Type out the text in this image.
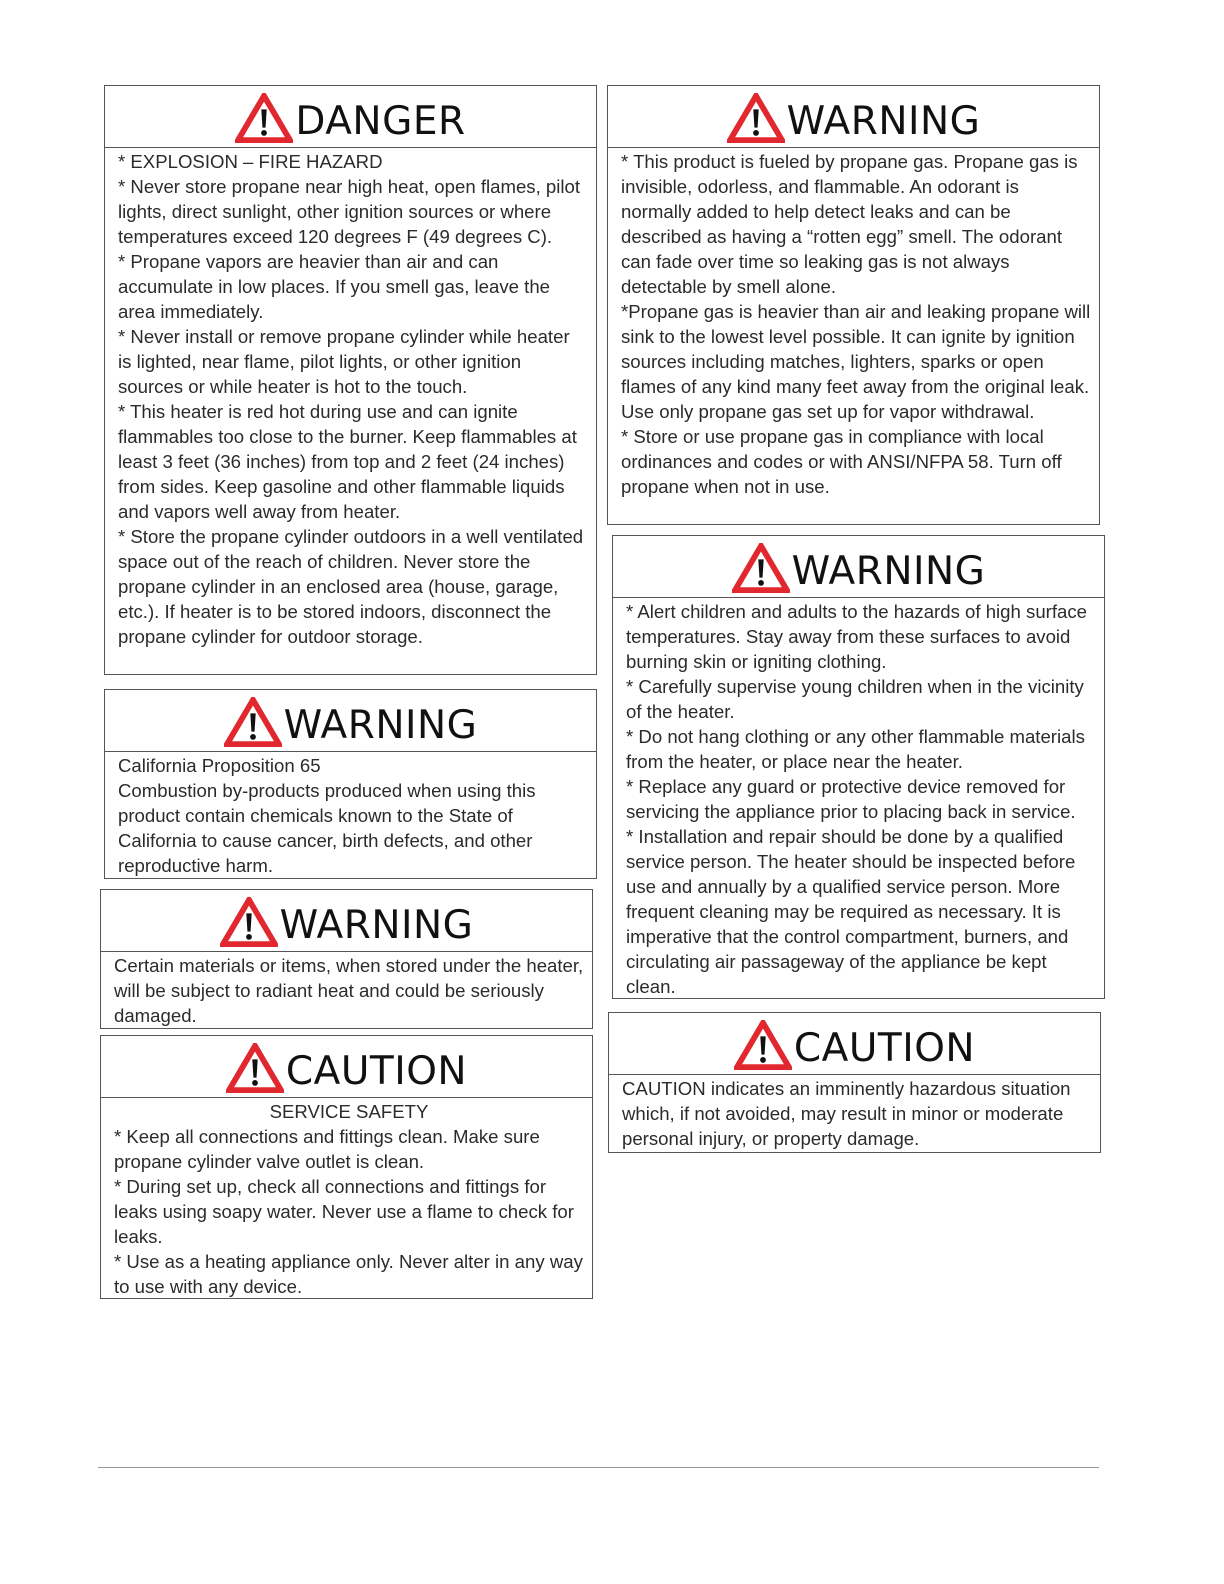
DANGER

* EXPLOSION – FIRE HAZARD

* Never store propane near high heat, open flames, pilot lights, direct sunlight, other ignition sources or where temperatures exceed 120 degrees F (49 degrees C).

* Propane vapors are heavier than air and can accumulate in low places. If you smell gas, leave the area immediately.

* Never install or remove propane cylinder while heater is lighted, near flame, pilot lights, or other ignition sources or while heater is hot to the touch.

* This heater is red hot during use and can ignite flammables too close to the burner. Keep flammables at least 3 feet (36 inches) from top and 2 feet (24 inches) from sides. Keep gasoline and other flammable liquids and vapors well away from heater.

* Store the propane cylinder outdoors in a well ventilated space out of the reach of children. Never store the propane cylinder in an enclosed area (house, garage, etc.). If heater is to be stored indoors, disconnect the propane cylinder for outdoor storage.

WARNING

California Proposition 65

Combustion by-products produced when using this product contain chemicals known to the State of California to cause cancer, birth defects, and other reproductive harm.

WARNING

Certain materials or items, when stored under the heater, will be subject to radiant heat and could be seriously damaged.

CAUTION

SERVICE SAFETY

* Keep all connections and fittings clean. Make sure propane cylinder valve outlet is clean.

* During set up, check all connections and fittings for leaks using soapy water. Never use a flame to check for leaks.

* Use as a heating appliance only. Never alter in any way to use with any device.

WARNING

* This product is fueled by propane gas. Propane gas is invisible, odorless, and flammable. An odorant is normally added to help detect leaks and can be described as having a “rotten egg” smell. The odorant can fade over time so leaking gas is not always detectable by smell alone.

*Propane gas is heavier than air and leaking propane will sink to the lowest level possible. It can ignite by ignition sources including matches, lighters, sparks or open flames of any kind many feet away from the original leak. Use only propane gas set up for vapor withdrawal.

* Store or use propane gas in compliance with local ordinances and codes or with ANSI/NFPA 58. Turn off propane when not in use.

WARNING

* Alert children and adults to the hazards of high surface temperatures. Stay away from these surfaces to avoid burning skin or igniting clothing.

* Carefully supervise young children when in the vicinity of the heater.

* Do not hang clothing or any other flammable materials from the heater, or place near the heater.

* Replace any guard or protective device removed for servicing the appliance prior to placing back in service.

* Installation and repair should be done by a qualified service person. The heater should be inspected before use and annually by a qualified service person. More frequent cleaning may be required as necessary. It is imperative that the control compartment, burners, and circulating air passageway of the appliance be kept clean.

CAUTION

CAUTION indicates an imminently hazardous situation which, if not avoided, may result in minor or moderate personal injury, or property damage.
